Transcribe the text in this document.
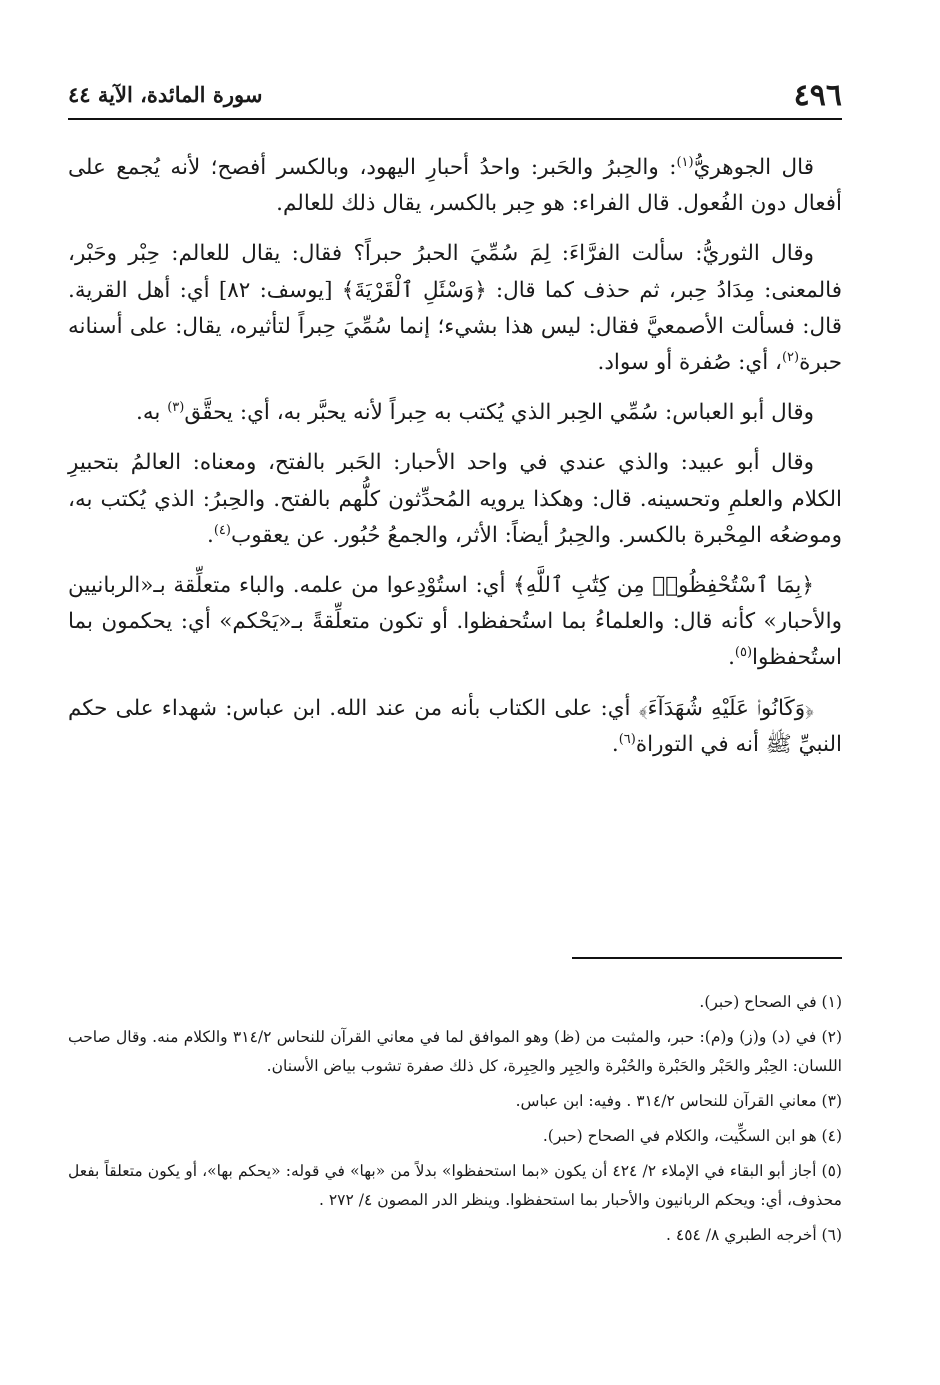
٤٩٦
سورة المائدة، الآية ٤٤

قال الجوهريُّ$^{(١)}$: والحِبرُ والحَبر: واحدُ أحبارِ اليهود، وبالكسر أفصح؛ لأنه يُجمع على أفعال دون الفُعول. قال الفراء: هو حِبر بالكسر، يقال ذلك للعالم.

وقال الثوريُّ: سألت الفرَّاءَ: لِمَ سُمِّيَ الحبرُ حبراً؟ فقال: يقال للعالم: حِبْر وحَبْر، فالمعنى: مِدَادُ حِبر، ثم حذف كما قال: ﴿وَسْئَلِ ٱلْقَرْيَةَ﴾ [يوسف: ٨٢] أي: أهل القرية. قال: فسألت الأصمعيَّ فقال: ليس هذا بشيء؛ إنما سُمِّيَ حِبراً لتأثيره، يقال: على أسنانه حبرة$^{(٢)}$، أي: صُفرة أو سواد.

وقال أبو العباس: سُمِّي الحِبر الذي يُكتب به حِبراً لأنه يحبَّر به، أي: يحقَّق$^{(٣)}$ به.

وقال أبو عبيد: والذي عندي في واحد الأحبار: الحَبر بالفتح، ومعناه: العالمُ بتحبيرِ الكلام والعلمِ وتحسينه. قال: وهكذا يرويه المُحدِّثون كلُّهم بالفتح. والحِبرُ: الذي يُكتب به، وموضعُه المِحْبرة بالكسر. والحِبرُ أيضاً: الأثر، والجمعُ حُبُور. عن يعقوب$^{(٤)}$.

﴿بِمَا ٱسْتُحْفِظُوا۟ مِن كِتَٰبِ ٱللَّهِ﴾ أي: استُوْدِعوا من علمه. والباء متعلِّقة بـ«الربانيين والأحبار» كأنه قال: والعلماءُ بما استُحفظوا. أو تكون متعلِّقةً بـ«يَحْكم» أي: يحكمون بما استُحفظوا$^{(٥)}$.

﴿وَكَانُوا۟ عَلَيْهِ شُهَدَآءَ﴾ أي: على الكتاب بأنه من عند الله. ابن عباس: شهداء على حكم النبيِّ ﷺ أنه في التوراة$^{(٦)}$.

(١) في الصحاح (حبر).

(٢) في (د) و(ز) و(م): حبر، والمثبت من (ظ) وهو الموافق لما في معاني القرآن للنحاس ٣١٤/٢ والكلام منه. وقال صاحب اللسان: الحِبْر والحَبْر والحَبْرة والحُبْرة والحِبِر والحِبِرة، كل ذلك صفرة تشوب بياض الأسنان.

(٣) معاني القرآن للنحاس ٣١٤/٢ . وفيه: ابن عباس.

(٤) هو ابن السكِّيت، والكلام في الصحاح (حبر).

(٥) أجاز أبو البقاء في الإملاء ٢/ ٤٢٤ أن يكون «بما استحفظوا» بدلاً من «بها» في قوله: «يحكم بها»، أو يكون متعلقاً بفعل محذوف، أي: ويحكم الربانيون والأحبار بما استحفظوا. وينظر الدر المصون ٤/ ٢٧٢ .

(٦) أخرجه الطبري ٨/ ٤٥٤ .
